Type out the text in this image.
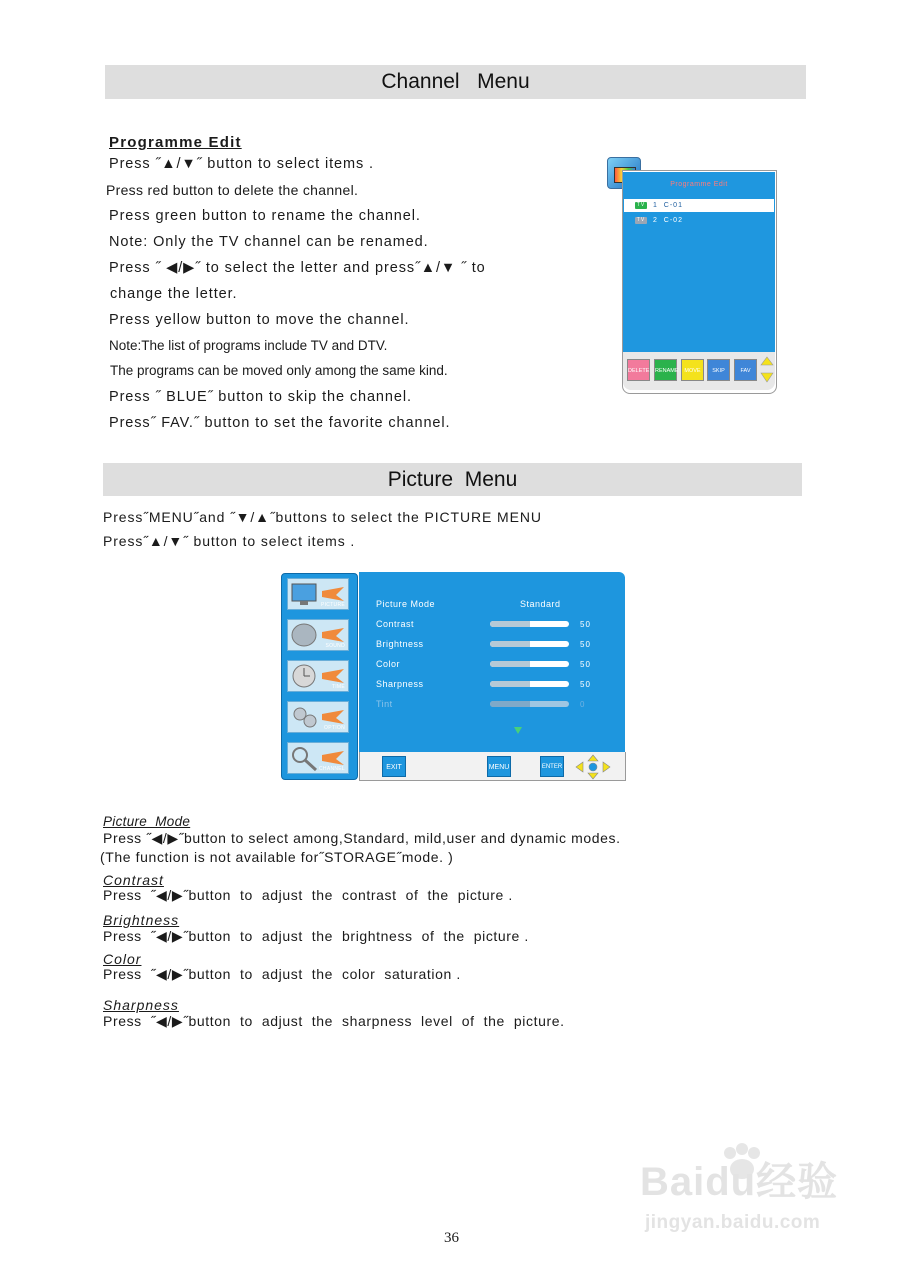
Channel   Menu
Programme Edit
Press ˝▲/▼˝ button to select items .
Press red button to delete the channel.
Press green button to rename the channel.
Note: Only the TV channel can be renamed.
Press ˝ ◀/▶˝ to select the letter and press˝▲/▼ ˝ to
change the letter.
Press yellow button to move the channel.
Note:The list of programs include TV and DTV.
The programs can be moved only among the same kind.
Press ˝ BLUE˝ button to skip the channel.
Press˝ FAV.˝ button to set the favorite channel.
Programme Edit
TV 1 C-01
TV 2 C-02
DELETE RENAME	MOVE	SKIP	FAV
Picture  Menu
Press˝MENU˝and ˝▼/▲˝buttons to select the PICTURE MENU
Press˝▲/▼˝ button to select items .
PICTURE
SOUND
TIME
OPTION
CHANNEL
Picture Mode	Standard
Contrast	50
Brightness	50
Color	50
Sharpness	50
Tint	0
EXIT	MENU	ENTER
Picture  Mode
Press ˝◀/▶˝button to select among,Standard, mild,user and dynamic modes.
(The function is not available for˝STORAGE˝mode. )
Contrast
Press  ˝◀/▶˝button  to  adjust  the  contrast  of  the  picture .
Brightness
Press  ˝◀/▶˝button  to  adjust  the  brightness  of  the  picture .
Color
Press  ˝◀/▶˝button  to  adjust  the  color  saturation .
Sharpness
Press  ˝◀/▶˝button  to  adjust  the  sharpness  level  of  the  picture.
Baidu经验
jingyan.baidu.com
36
